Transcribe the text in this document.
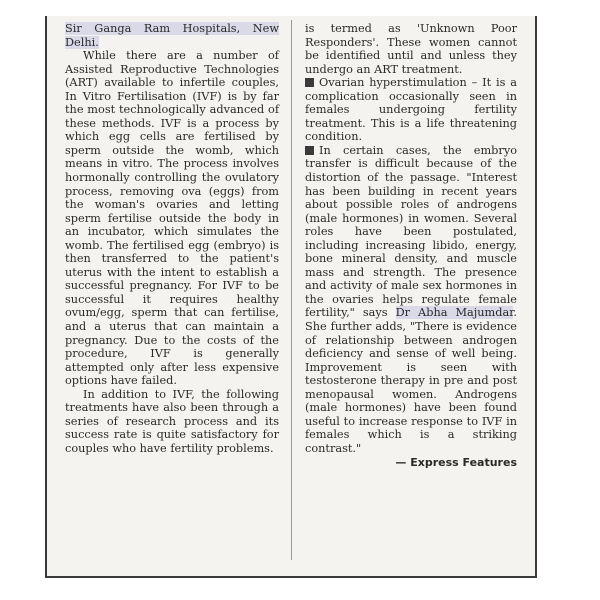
Sir Ganga Ram Hospitals, New Delhi.

While there are a number of Assisted Reproductive Technologies (ART) available to infertile couples, In Vitro Fertilisation (IVF) is by far the most technologically advanced of these methods. IVF is a process by which egg cells are fertilised by sperm outside the womb, which means in vitro. The process involves hormonally controlling the ovulatory process, removing ova (eggs) from the woman's ovaries and letting sperm fertilise outside the body in an incubator, which simulates the womb. The fertilised egg (embryo) is then transferred to the patient's uterus with the intent to establish a successful pregnancy. For IVF to be successful it requires healthy ovum/egg, sperm that can fertilise, and a uterus that can maintain a pregnancy. Due to the costs of the procedure, IVF is generally attempted only after less expensive options have failed.

In addition to IVF, the following treatments have also been through a series of research process and its success rate is quite satisfactory for couples who have fertility problems.

is termed as 'Unknown Poor Responders'. These women cannot be identified until and unless they undergo an ART treatment.

Ovarian hyperstimulation – It is a complication occasionally seen in females undergoing fertility treatment. This is a life threatening condition.

In certain cases, the embryo transfer is difficult because of the distortion of the passage. "Interest has been building in recent years about possible roles of androgens (male hormones) in women. Several roles have been postulated, including increasing libido, energy, bone mineral density, and muscle mass and strength. The presence and activity of male sex hormones in the ovaries helps regulate female fertility," says Dr Abha Majumdar. She further adds, "There is evidence of relationship between androgen deficiency and sense of well being. Improvement is seen with testosterone therapy in pre and post menopausal women. Androgens (male hormones) have been found useful to increase response to IVF in females which is a striking contrast."

— Express Features
